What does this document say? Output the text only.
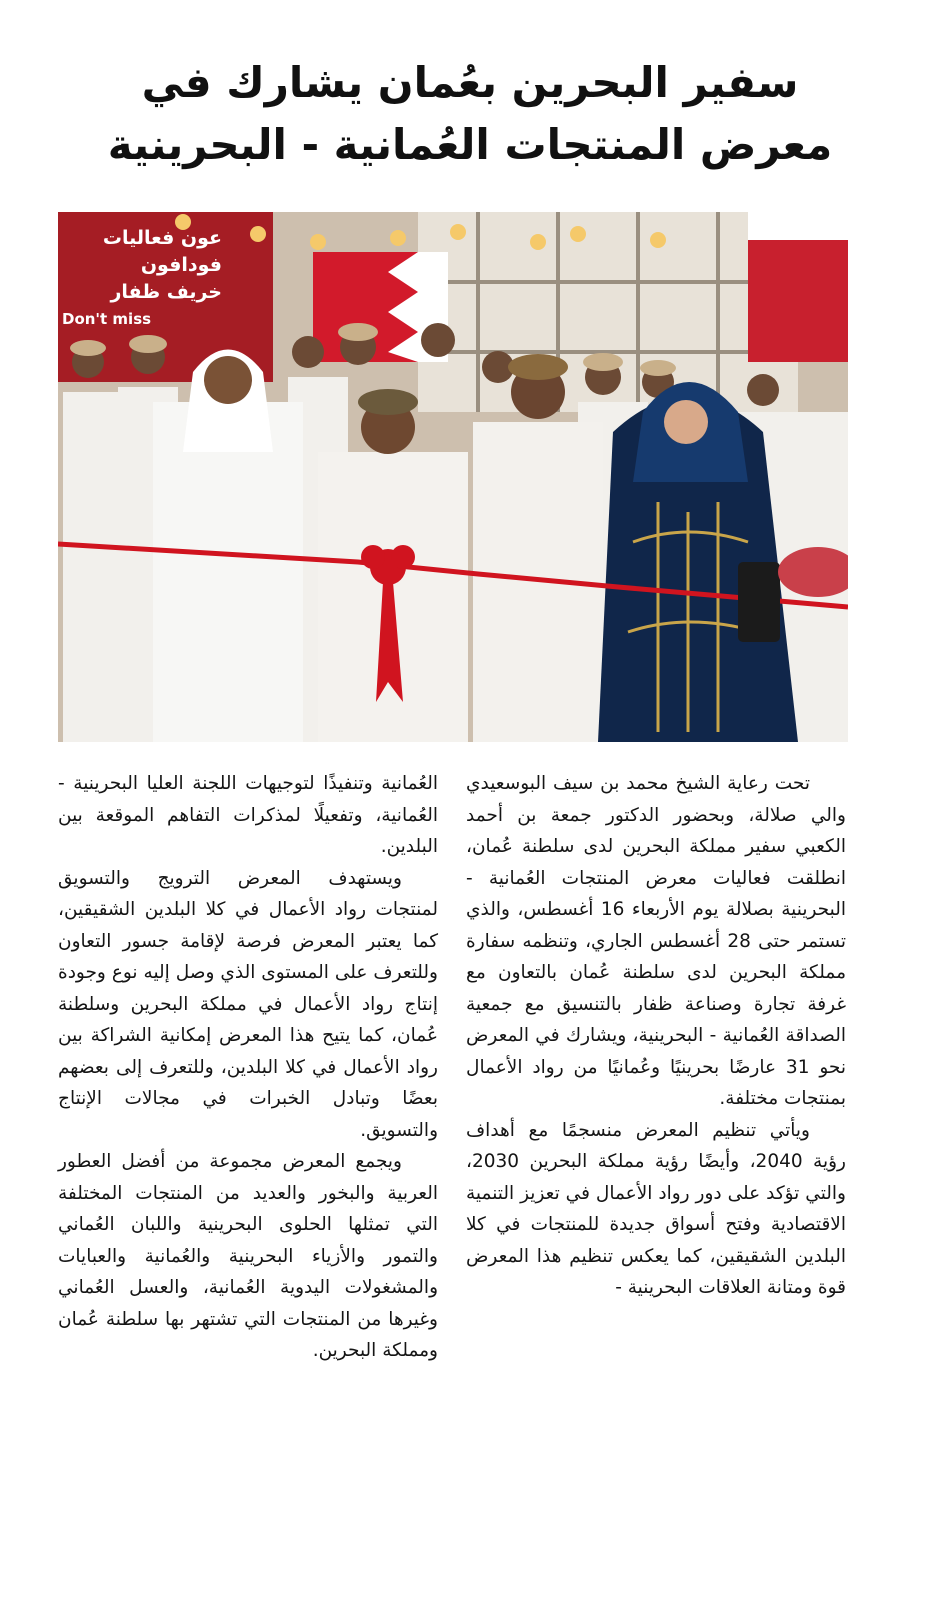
سفير البحرين بعُمان يشارك في
معرض المنتجات العُمانية - البحرينية
عون فعاليات
فودافون
خريف ظفار
Don't miss

تحت رعاية الشيخ محمد بن سيف البوسعيدي والي صلالة، وبحضور الدكتور جمعة بن أحمد الكعبي سفير مملكة البحرين لدى سلطنة عُمان، انطلقت فعاليات معرض المنتجات العُمانية - البحرينية بصلالة يوم الأربعاء 16 أغسطس، والذي تستمر حتى 28 أغسطس الجاري، وتنظمه سفارة مملكة البحرين لدى سلطنة عُمان بالتعاون مع غرفة تجارة وصناعة ظفار بالتنسيق مع جمعية الصداقة العُمانية - البحرينية، ويشارك في المعرض نحو 31 عارضًا بحرينيًا وعُمانيًا من رواد الأعمال بمنتجات مختلفة.

ويأتي تنظيم المعرض منسجمًا مع أهداف رؤية 2040، وأيضًا رؤية مملكة البحرين 2030، والتي تؤكد على دور رواد الأعمال في تعزيز التنمية الاقتصادية وفتح أسواق جديدة للمنتجات في كلا البلدين الشقيقين، كما يعكس تنظيم هذا المعرض قوة ومتانة العلاقات البحرينية -

العُمانية وتنفيذًا لتوجيهات اللجنة العليا البحرينية - العُمانية، وتفعيلًا لمذكرات التفاهم الموقعة بين البلدين.

ويستهدف المعرض الترويج والتسويق لمنتجات رواد الأعمال في كلا البلدين الشقيقين، كما يعتبر المعرض فرصة لإقامة جسور التعاون وللتعرف على المستوى الذي وصل إليه نوع وجودة إنتاج رواد الأعمال في مملكة البحرين وسلطنة عُمان، كما يتيح هذا المعرض إمكانية الشراكة بين رواد الأعمال في كلا البلدين، وللتعرف إلى بعضهم بعضًا وتبادل الخبرات في مجالات الإنتاج والتسويق.

ويجمع المعرض مجموعة من أفضل العطور العربية والبخور والعديد من المنتجات المختلفة التي تمثلها الحلوى البحرينية واللبان العُماني والتمور والأزياء البحرينية والعُمانية والعبايات والمشغولات اليدوية العُمانية، والعسل العُماني وغيرها من المنتجات التي تشتهر بها سلطنة عُمان ومملكة البحرين.
